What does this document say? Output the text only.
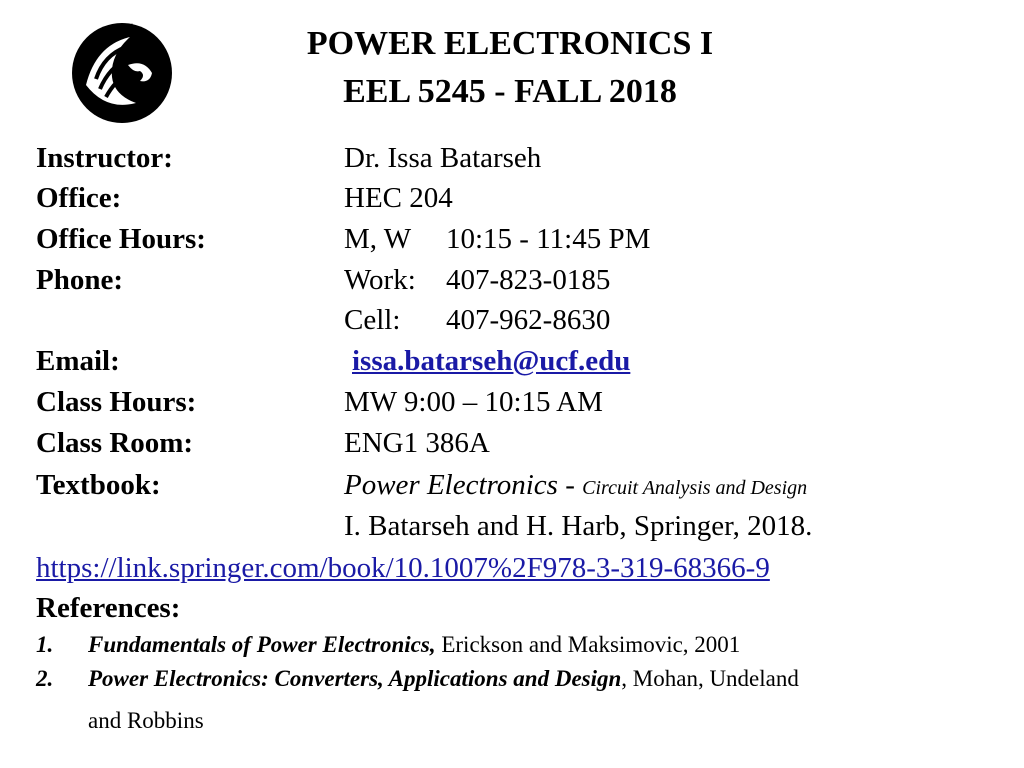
POWER ELECTRONICS I
EEL 5245 - FALL 2018
Instructor:	Dr. Issa Batarseh
Office:	HEC 204
Office Hours:	M, W 10:15 - 11:45 PM
Phone:	Work: 407-823-0185
Cell: 407-962-8630
Email:	issa.batarseh@ucf.edu
Class Hours:	MW 9:00 – 10:15 AM
Class Room:	ENG1 386A
Textbook:	Power Electronics - Circuit Analysis and Design
I. Batarseh and H. Harb, Springer, 2018.
https://link.springer.com/book/10.1007%2F978-3-319-68366-9
References:
1. Fundamentals of Power Electronics, Erickson and Maksimovic, 2001
2. Power Electronics: Converters, Applications and Design, Mohan, Undeland
and Robbins
